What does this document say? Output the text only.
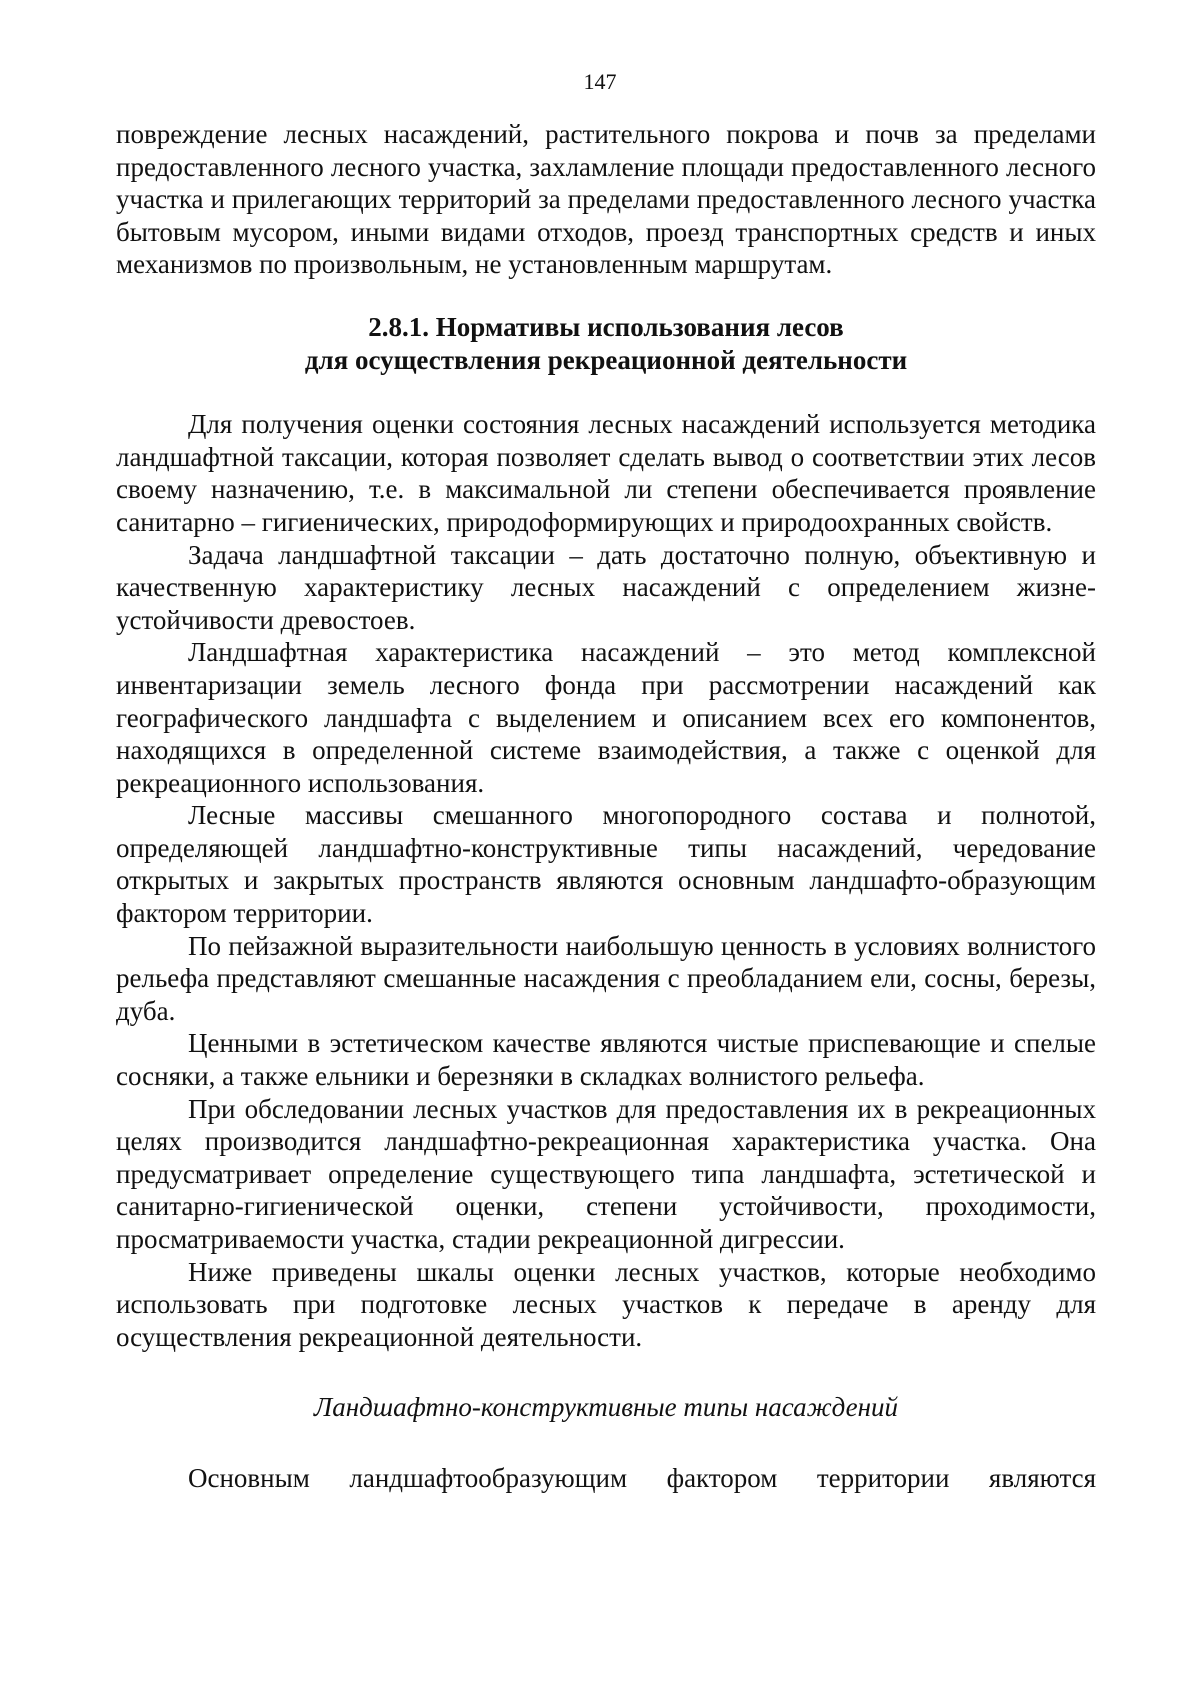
147

повреждение лесных насаждений, растительного покрова и почв за пределами предоставленного лесного участка, захламление площади предоставленного лесного участка и прилегающих территорий за пределами предоставленного лесного участка бытовым мусором, иными видами отходов, проезд транспортных средств и иных механизмов по произвольным, не установленным маршрутам.

2.8.1. Нормативы использования лесов

для осуществления рекреационной деятельности

Для получения оценки состояния лесных насаждений используется методика ландшафтной таксации, которая позволяет сделать вывод о соответствии этих лесов своему назначению, т.е. в максимальной ли степени обеспечивается проявление санитарно – гигиенических, природоформирующих и природоохранных свойств.

Задача ландшафтной таксации – дать достаточно полную, объективную и качественную характеристику лесных насаждений с определением жизне-устойчивости древостоев.

Ландшафтная характеристика насаждений – это метод комплексной инвентаризации земель лесного фонда при рассмотрении насаждений как географического ландшафта с выделением и описанием всех его компонентов, находящихся в определенной системе взаимодействия, а также с оценкой для рекреационного использования.

Лесные массивы смешанного многопородного состава и полнотой, определяющей ландшафтно-конструктивные типы насаждений, чередование открытых и закрытых пространств являются основным ландшафто-образующим фактором территории.

По пейзажной выразительности наибольшую ценность в условиях волнистого рельефа представляют смешанные насаждения с преобладанием ели, сосны, березы, дуба.

Ценными в эстетическом качестве являются чистые приспевающие и спелые сосняки, а также ельники и березняки в складках волнистого рельефа.

При обследовании лесных участков для предоставления их в рекреационных целях производится ландшафтно-рекреационная характеристика участка. Она предусматривает определение существующего типа ландшафта, эстетической и санитарно-гигиенической оценки, степени устойчивости, проходимости, просматриваемости участка, стадии рекреационной дигрессии.

Ниже приведены шкалы оценки лесных участков, которые необходимо использовать при подготовке лесных участков к передаче в аренду для осуществления рекреационной деятельности.

Ландшафтно-конструктивные типы насаждений

Основным ландшафтообразующим фактором территории являются
